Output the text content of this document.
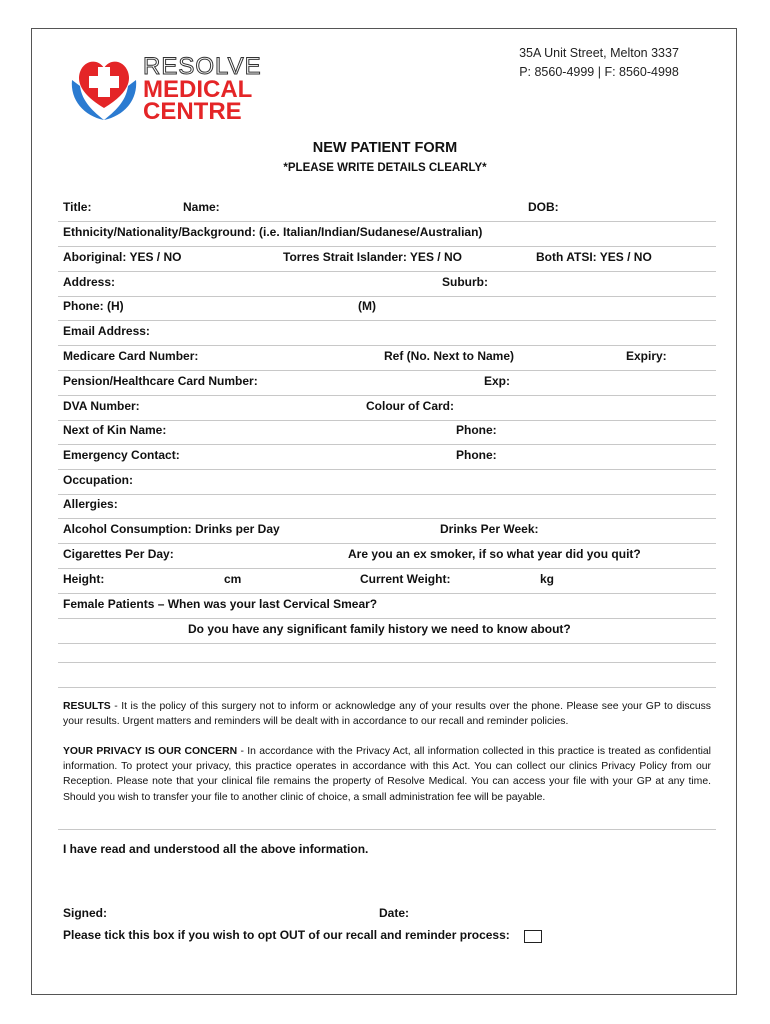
RESOLVE
MEDICAL
CENTRE
35A Unit Street, Melton 3337
P: 8560-4999 | F: 8560-4998
NEW PATIENT FORM
*PLEASE WRITE DETAILS CLEARLY*
Title:	Name:	DOB:
Ethnicity/Nationality/Background: (i.e. Italian/Indian/Sudanese/Australian)
Aboriginal: YES / NO	Torres Strait Islander: YES / NO	Both ATSI: YES / NO
Address:	Suburb:
Phone: (H)	(M)
Email Address:
Medicare Card Number:	Ref (No. Next to Name)	Expiry:
Pension/Healthcare Card Number:	Exp:
DVA Number:	Colour of Card:
Next of Kin Name:	Phone:
Emergency Contact:	Phone:
Occupation:
Allergies:
Alcohol Consumption: Drinks per Day	Drinks Per Week:
Cigarettes Per Day:	Are you an ex smoker, if so what year did you quit?
Height:	cm	Current Weight:	kg
Female Patients – When was your last Cervical Smear?
Do you have any significant family history we need to know about?
RESULTS - It is the policy of this surgery not to inform or acknowledge any of your results over the phone. Please see your GP to discuss your results. Urgent matters and reminders will be dealt with in accordance to our recall and reminder policies.
YOUR PRIVACY IS OUR CONCERN - In accordance with the Privacy Act, all information collected in this practice is treated as confidential information. To protect your privacy, this practice operates in accordance with this Act. You can collect our clinics Privacy Policy from our Reception. Please note that your clinical file remains the property of Resolve Medical. You can access your file with your GP at any time. Should you wish to transfer your file to another clinic of choice, a small administration fee will be payable.
I have read and understood all the above information.
Signed:	Date:
Please tick this box if you wish to opt OUT of our recall and reminder process:
